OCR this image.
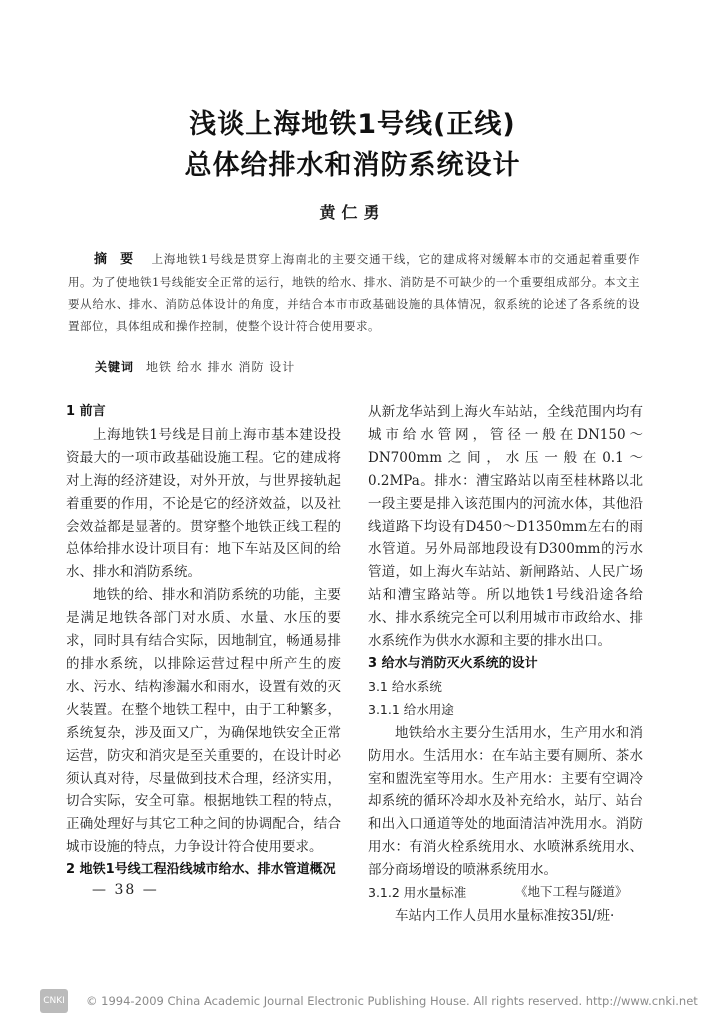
浅谈上海地铁1号线(正线)
总体给排水和消防系统设计
黄仁勇
摘 要 上海地铁1号线是贯穿上海南北的主要交通干线，它的建成将对缓解本市的交通起着重要作用。为了使地铁1号线能安全正常的运行，地铁的给水、排水、消防是不可缺少的一个重要组成部分。本文主要从给水、排水、消防总体设计的角度，并结合本市市政基础设施的具体情况，叙系统的论述了各系统的设置部位，具体组成和操作控制，使整个设计符合使用要求。
关键词 地铁 给水 排水 消防 设计

1 前言

上海地铁1号线是目前上海市基本建设投资最大的一项市政基础设施工程。它的建成将对上海的经济建设，对外开放，与世界接轨起着重要的作用，不论是它的经济效益，以及社会效益都是显著的。贯穿整个地铁正线工程的总体给排水设计项目有：地下车站及区间的给水、排水和消防系统。

地铁的给、排水和消防系统的功能，主要是满足地铁各部门对水质、水量、水压的要求，同时具有结合实际，因地制宜，畅通易排的排水系统，以排除运营过程中所产生的废水、污水、结构渗漏水和雨水，设置有效的灭火装置。在整个地铁工程中，由于工种繁多，系统复杂，涉及面又广，为确保地铁安全正常运营，防灾和消灾是至关重要的，在设计时必须认真对待，尽量做到技术合理，经济实用，切合实际，安全可靠。根据地铁工程的特点，正确处理好与其它工种之间的协调配合，结合城市设施的特点，力争设计符合使用要求。

2 地铁1号线工程沿线城市给水、排水管道概况

从新龙华站到上海火车站站，全线范围内均有城市给水管网，管径一般在DN150～DN700mm之间，水压一般在0.1～0.2MPa。排水：漕宝路站以南至桂林路以北一段主要是排入该范围内的河流水体，其他沿线道路下均设有D450～D1350mm左右的雨水管道。另外局部地段设有D300mm的污水管道，如上海火车站站、新闸路站、人民广场站和漕宝路站等。所以地铁1号线沿途各给水、排水系统完全可以利用城市市政给水、排水系统作为供水水源和主要的排水出口。

3 给水与消防灭火系统的设计

3.1 给水系统

3.1.1 给水用途

地铁给水主要分生活用水，生产用水和消防用水。生活用水：在车站主要有厕所、茶水室和盥洗室等用水。生产用水：主要有空调冷却系统的循环冷却水及补充给水，站厅、站台和出入口通道等处的地面清洁冲洗用水。消防用水：有消火栓系统用水、水喷淋系统用水、部分商场增设的喷淋系统用水。

3.1.2 用水量标准

车站内工作人员用水量标准按35l/班·

— 38 —	《地下工程与隧道》
CNKI © 1994-2009 China Academic Journal Electronic Publishing House. All rights reserved. http://www.cnki.net
